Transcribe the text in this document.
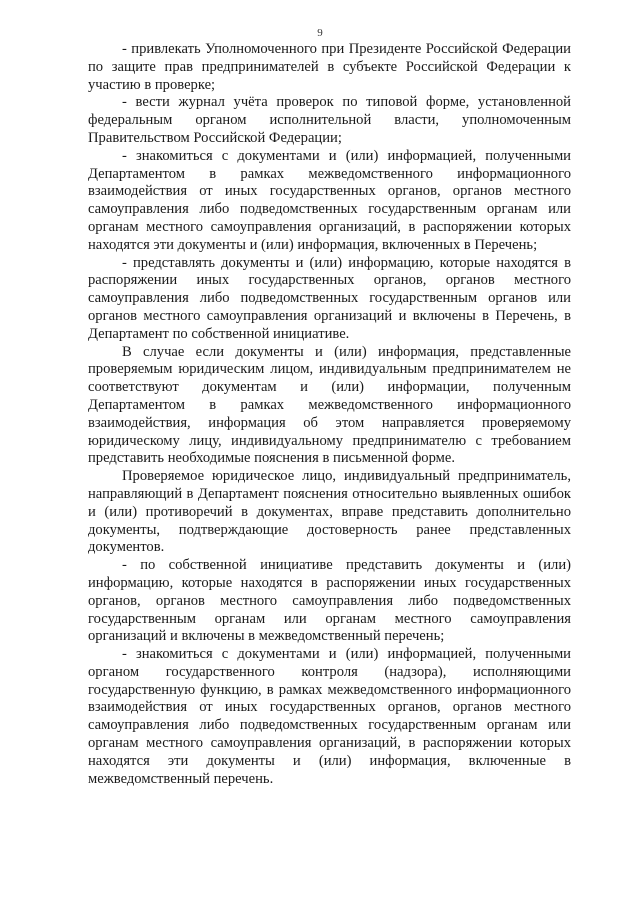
9

- привлекать Уполномоченного при Президенте Российской Федерации по защите прав предпринимателей в субъекте Российской Федерации к участию в проверке;

- вести журнал учёта проверок по типовой форме, установленной федеральным органом исполнительной власти, уполномоченным Правительством Российской Федерации;

- знакомиться с документами и (или) информацией, полученными Департаментом в рамках межведомственного информационного взаимодействия от иных государственных органов, органов местного самоуправления либо подведомственных государственным органам или органам местного самоуправления организаций, в распоряжении которых находятся эти документы и (или) информация, включенных в Перечень;

- представлять документы и (или) информацию, которые находятся в распоряжении иных государственных органов, органов местного самоуправления либо подведомственных государственным органов или органов местного самоуправления организаций и включены в Перечень, в Департамент по собственной инициативе.

В случае если документы и (или) информация, представленные проверяемым юридическим лицом, индивидуальным предпринимателем не соответствуют документам и (или) информации, полученным Департаментом в рамках межведомственного информационного взаимодействия, информация об этом направляется проверяемому юридическому лицу, индивидуальному предпринимателю с требованием представить необходимые пояснения в письменной форме.

Проверяемое юридическое лицо, индивидуальный предприниматель, направляющий в Департамент пояснения относительно выявленных ошибок и (или) противоречий в документах, вправе представить дополнительно документы, подтверждающие достоверность ранее представленных документов.

- по собственной инициативе представить документы и (или) информацию, которые находятся в распоряжении иных государственных органов, органов местного самоуправления либо подведомственных государственным органам или органам местного самоуправления организаций и включены в межведомственный перечень;

- знакомиться с документами и (или) информацией, полученными органом государственного контроля (надзора), исполняющими государственную функцию, в рамках межведомственного информационного взаимодействия от иных государственных органов, органов местного самоуправления либо подведомственных государственным органам или органам местного самоуправления организаций, в распоряжении которых находятся эти документы и (или) информация, включенные в межведомственный перечень.
